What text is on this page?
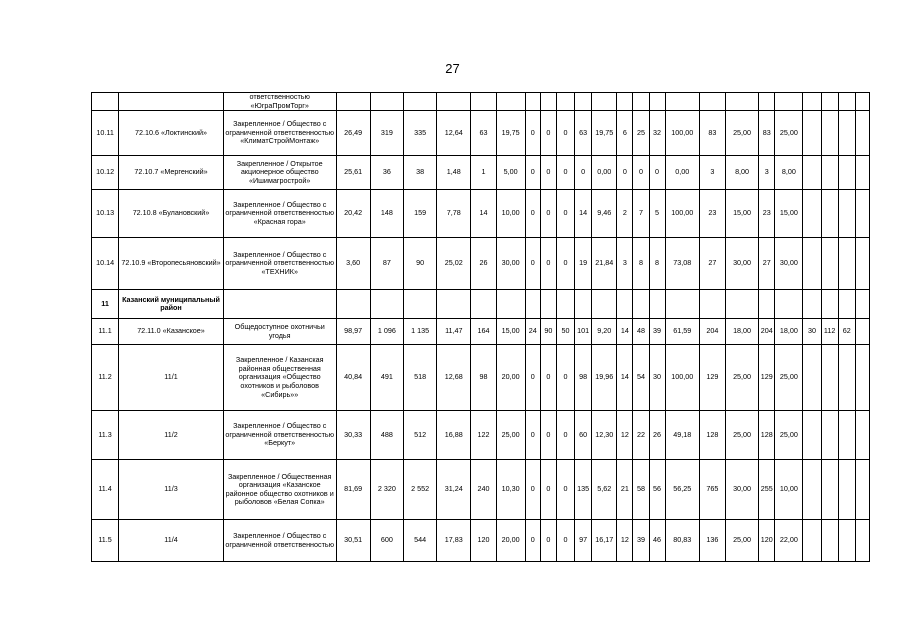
27
		ответственностью «ЮграПромТорг»																							
10.11	72.10.6 «Локтинский»	Закрепленное / Общество с ограниченной ответственностью «КлиматСтройМонтаж»	26,49	319	335	12,64	63	19,75	0	0	0	63	19,75	6	25	32	100,00	83	25,00	83	25,00				
10.12	72.10.7 «Мергенский»	Закрепленное / Открытое акционерное общество «Ишимагрострой»	25,61	36	38	1,48	1	5,00	0	0	0	0	0,00	0	0	0	0,00	3	8,00	3	8,00				
10.13	72.10.8 «Булановский»	Закрепленное / Общество с ограниченной ответственностью «Красная гора»	20,42	148	159	7,78	14	10,00	0	0	0	14	9,46	2	7	5	100,00	23	15,00	23	15,00				
10.14	72.10.9 «Второпесьяновский»	Закрепленное / Общество с ограниченной ответственностью «ТЕХНИК»	3,60	87	90	25,02	26	30,00	0	0	0	19	21,84	3	8	8	73,08	27	30,00	27	30,00				
11	Казанский муниципальный район																								
11.1	72.11.0 «Казанское»	Общедоступное охотничьи угодья	98,97	1 096	1 135	11,47	164	15,00	24	90	50	101	9,20	14	48	39	61,59	204	18,00	204	18,00	30	112	62	
11.2	11/1	Закрепленное / Казанская районная общественная организация «Общество охотников и рыболовов «Сибирь»»	40,84	491	518	12,68	98	20,00	0	0	0	98	19,96	14	54	30	100,00	129	25,00	129	25,00				
11.3	11/2	Закрепленное / Общество с ограниченной ответственностью «Беркут»	30,33	488	512	16,88	122	25,00	0	0	0	60	12,30	12	22	26	49,18	128	25,00	128	25,00				
11.4	11/3	Закрепленное / Общественная организация «Казанское районное общество охотников и рыболовов «Белая Сопка»	81,69	2 320	2 552	31,24	240	10,30	0	0	0	135	5,62	21	58	56	56,25	765	30,00	255	10,00				
11.5	11/4	Закрепленное / Общество с ограниченной ответственностью	30,51	600	544	17,83	120	20,00	0	0	0	97	16,17	12	39	46	80,83	136	25,00	120	22,00				
